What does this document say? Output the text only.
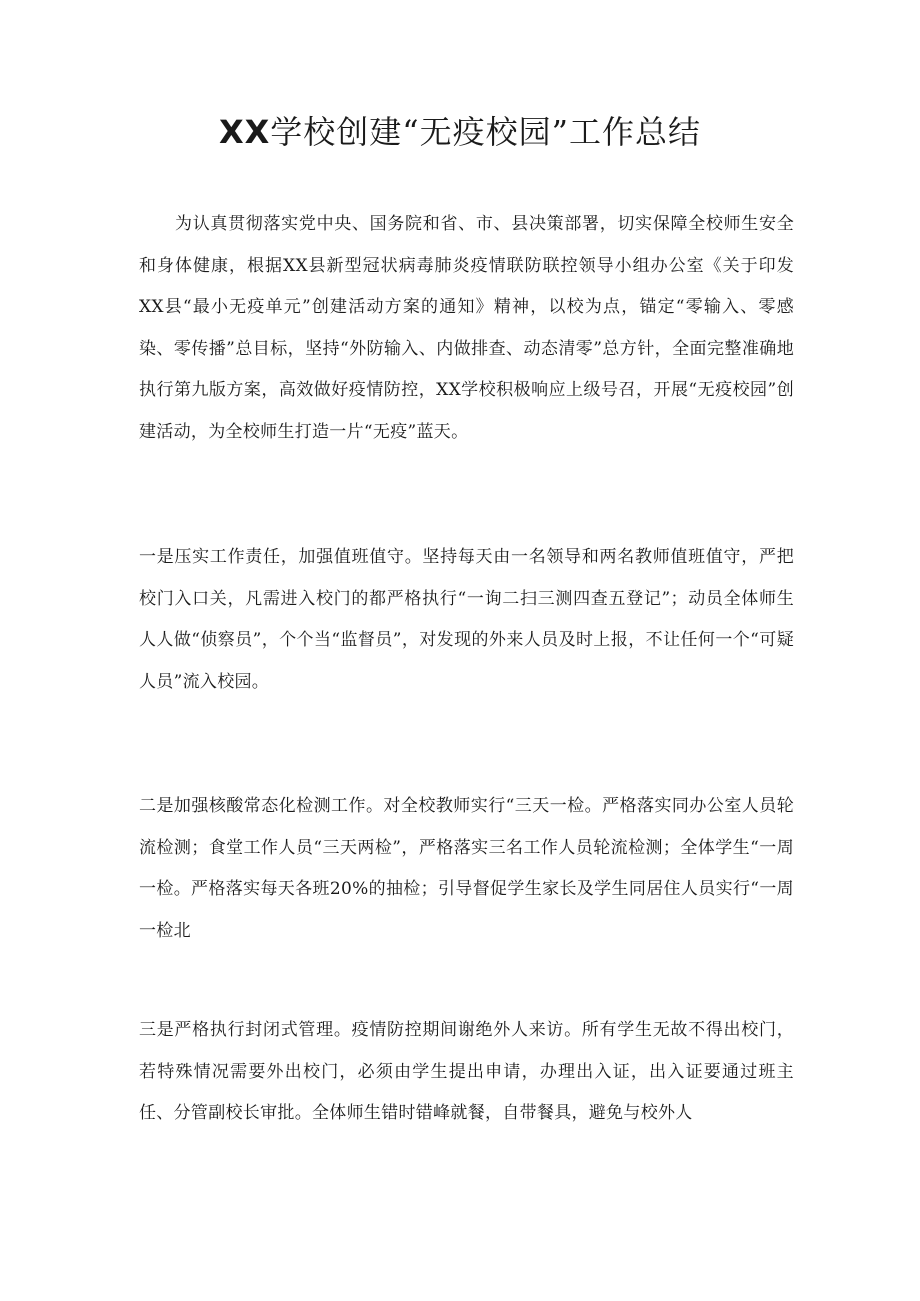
XX学校创建“无疫校园”工作总结

为认真贯彻落实党中央、国务院和省、市、县决策部署，切实保障全校师生安全和身体健康，根据XX县新型冠状病毒肺炎疫情联防联控领导小组办公室《关于印发XX县“最小无疫单元”创建活动方案的通知》精神，以校为点，锚定“零输入、零感染、零传播”总目标，坚持“外防输入、内做排查、动态清零”总方针，全面完整准确地执行第九版方案，高效做好疫情防控，XX学校积极响应上级号召，开展“无疫校园”创建活动，为全校师生打造一片“无疫”蓝天。

一是压实工作责任，加强值班值守。坚持每天由一名领导和两名教师值班值守，严把校门入口关，凡需进入校门的都严格执行“一询二扫三测四查五登记”；动员全体师生人人做“侦察员”，个个当“监督员”，对发现的外来人员及时上报，不让任何一个“可疑人员”流入校园。

二是加强核酸常态化检测工作。对全校教师实行“三天一检。严格落实同办公室人员轮流检测；食堂工作人员“三天两检”，严格落实三名工作人员轮流检测；全体学生“一周一检。严格落实每天各班20%的抽检；引导督促学生家长及学生同居住人员实行“一周一检北

三是严格执行封闭式管理。疫情防控期间谢绝外人来访。所有学生无故不得出校门，若特殊情况需要外出校门，必须由学生提出申请，办理出入证，出入证要通过班主任、分管副校长审批。全体师生错时错峰就餐，自带餐具，避免与校外人
